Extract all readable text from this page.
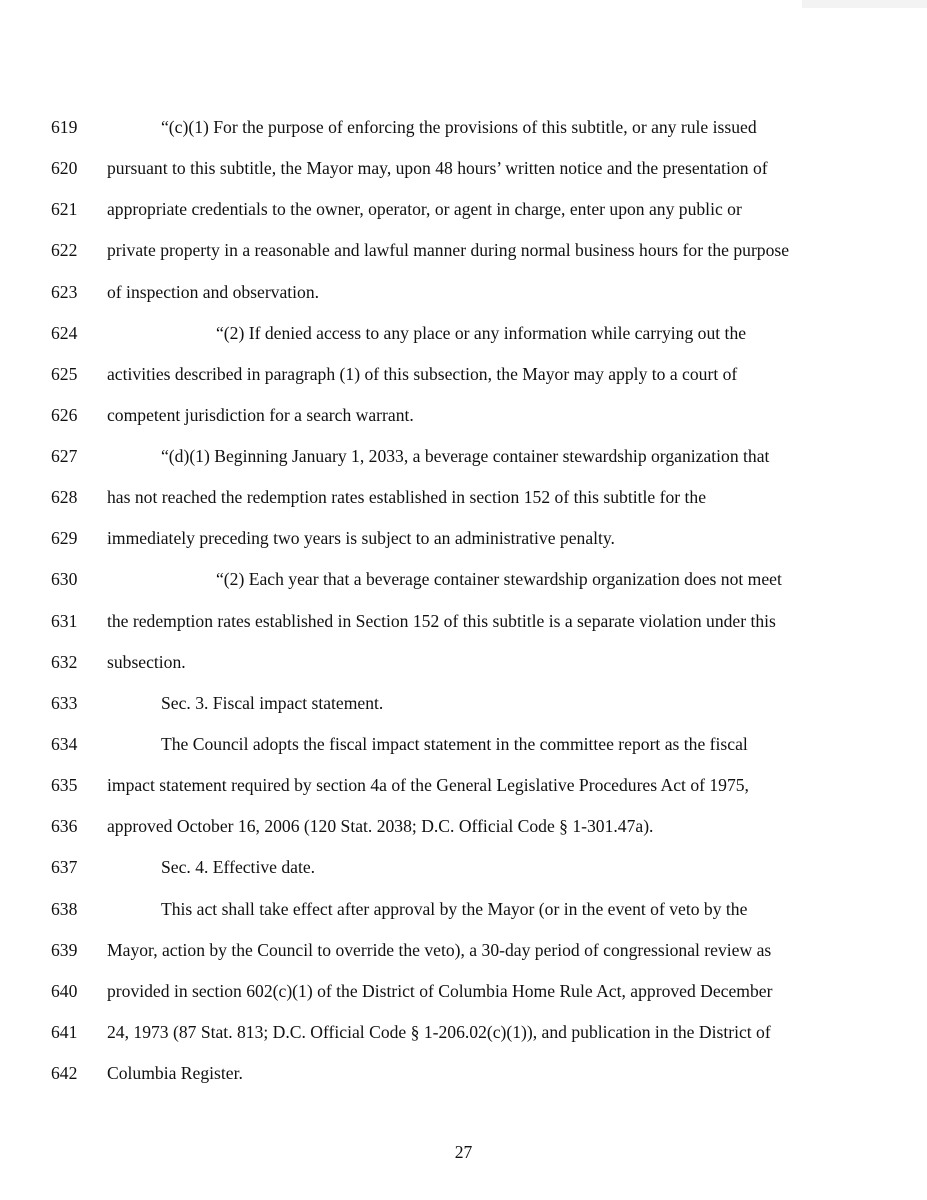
619	“(c)(1) For the purpose of enforcing the provisions of this subtitle, or any rule issued
620 pursuant to this subtitle, the Mayor may, upon 48 hours’ written notice and the presentation of
621 appropriate credentials to the owner, operator, or agent in charge, enter upon any public or
622 private property in a reasonable and lawful manner during normal business hours for the purpose
623 of inspection and observation.
624	“(2) If denied access to any place or any information while carrying out the
625 activities described in paragraph (1) of this subsection, the Mayor may apply to a court of
626 competent jurisdiction for a search warrant.
627	“(d)(1) Beginning January 1, 2033, a beverage container stewardship organization that
628 has not reached the redemption rates established in section 152 of this subtitle for the
629 immediately preceding two years is subject to an administrative penalty.
630	“(2) Each year that a beverage container stewardship organization does not meet
631 the redemption rates established in Section 152 of this subtitle is a separate violation under this
632 subsection.
633	Sec. 3. Fiscal impact statement.
634	The Council adopts the fiscal impact statement in the committee report as the fiscal
635 impact statement required by section 4a of the General Legislative Procedures Act of 1975,
636 approved October 16, 2006 (120 Stat. 2038; D.C. Official Code § 1-301.47a).
637	Sec. 4. Effective date.
638	This act shall take effect after approval by the Mayor (or in the event of veto by the
639 Mayor, action by the Council to override the veto), a 30-day period of congressional review as
640 provided in section 602(c)(1) of the District of Columbia Home Rule Act, approved December
641 24, 1973 (87 Stat. 813; D.C. Official Code § 1-206.02(c)(1)), and publication in the District of
642 Columbia Register.
27
